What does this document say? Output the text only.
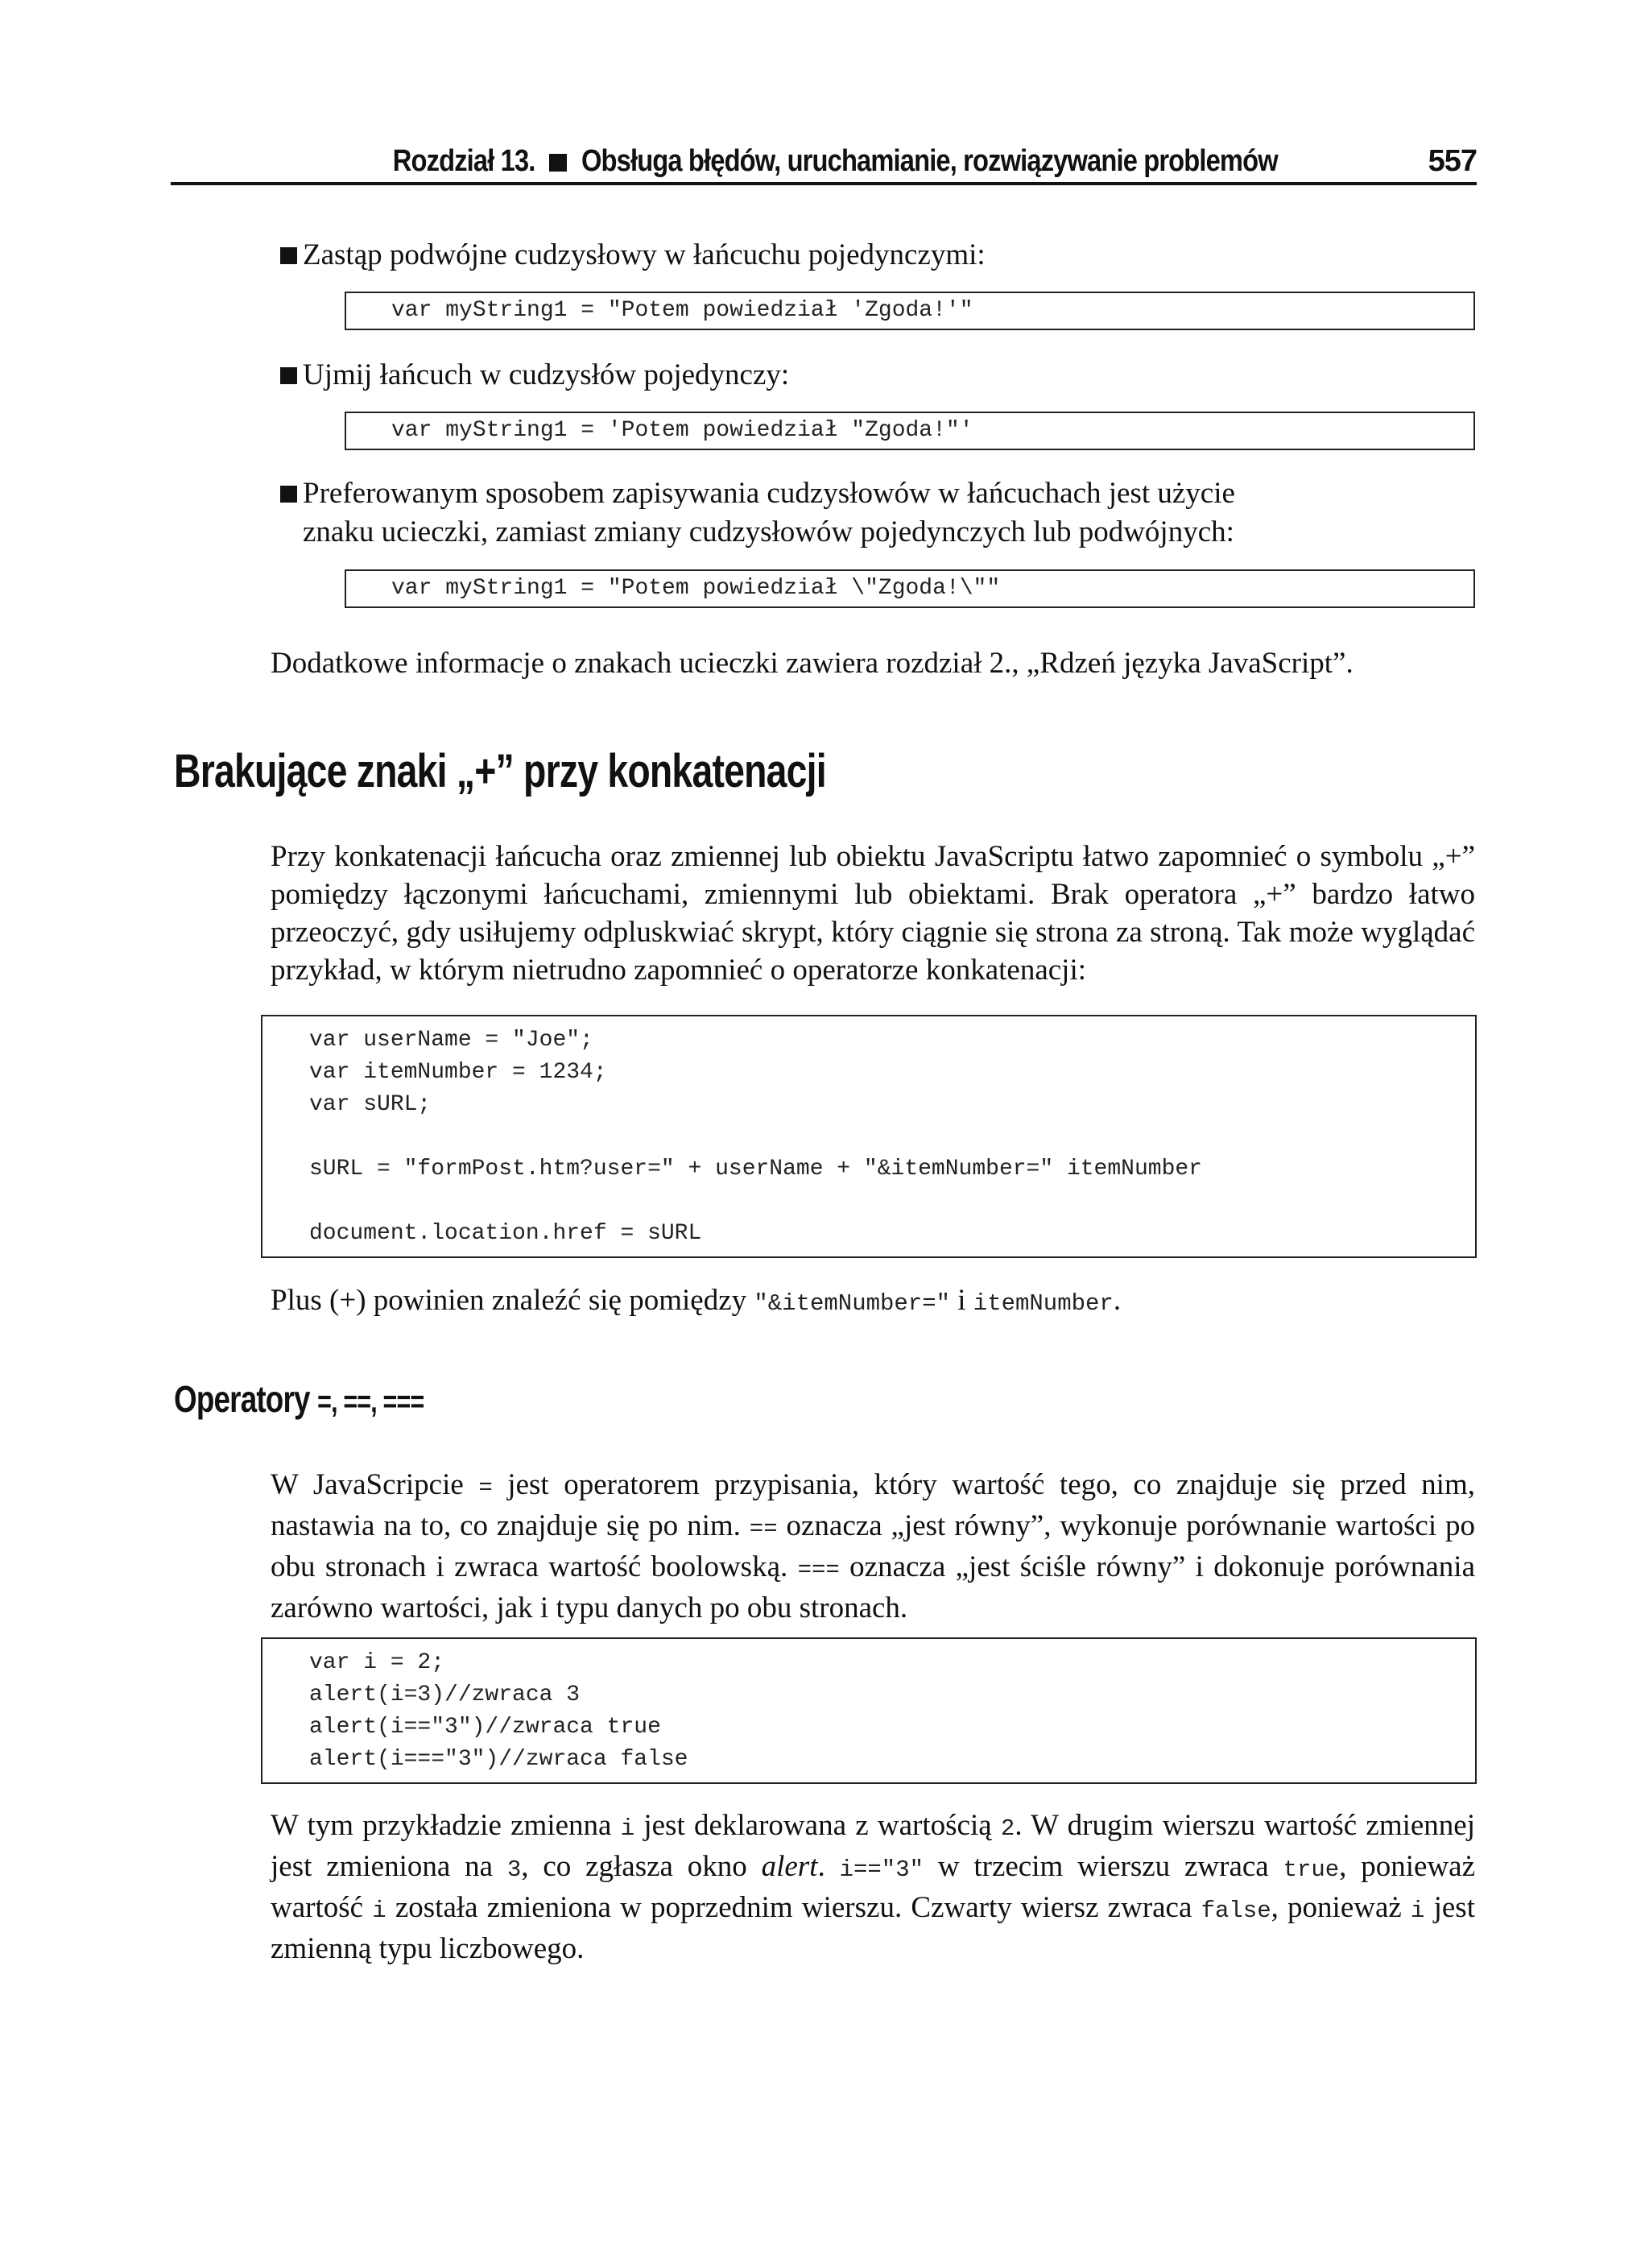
Rozdział 13. Obsługa błędów, uruchamianie, rozwiązywanie problemów	557
Zastąp podwójne cudzysłowy w łańcuchu pojedynczymi:
var myString1 = "Potem powiedział 'Zgoda!'"
Ujmij łańcuch w cudzysłów pojedynczy:
var myString1 = 'Potem powiedział "Zgoda!"'
Preferowanym sposobem zapisywania cudzysłowów w łańcuchach jest użycie
znaku ucieczki, zamiast zmiany cudzysłowów pojedynczych lub podwójnych:
var myString1 = "Potem powiedział \"Zgoda!\""
Dodatkowe informacje o znakach ucieczki zawiera rozdział 2., „Rdzeń języka JavaScript”.
Brakujące znaki „+” przy konkatenacji
Przy konkatenacji łańcucha oraz zmiennej lub obiektu JavaScriptu łatwo zapomnieć o symbolu „+” pomiędzy łączonymi łańcuchami, zmiennymi lub obiektami. Brak operatora „+” bardzo łatwo przeoczyć, gdy usiłujemy odpluskwiać skrypt, który ciągnie się strona za stroną. Tak może wyglądać przykład, w którym nietrudno zapomnieć o operatorze konkatenacji:
var userName = "Joe";
var itemNumber = 1234;
var sURL;
sURL = "formPost.htm?user=" + userName + "&itemNumber=" itemNumber
document.location.href = sURL
Plus (+) powinien znaleźć się pomiędzy "&itemNumber=" i itemNumber.
Operatory =, ==, ===
W JavaScripcie = jest operatorem przypisania, który wartość tego, co znajduje się przed nim, nastawia na to, co znajduje się po nim. == oznacza „jest równy”, wykonuje porównanie wartości po obu stronach i zwraca wartość boolowską. === oznacza „jest ściśle równy” i dokonuje porównania zarówno wartości, jak i typu danych po obu stronach.
var i = 2;
alert(i=3)//zwraca 3
alert(i=="3")//zwraca true
alert(i==="3")//zwraca false
W tym przykładzie zmienna i jest deklarowana z wartością 2. W drugim wierszu wartość zmiennej jest zmieniona na 3, co zgłasza okno alert. i=="3" w trzecim wierszu zwraca true, ponieważ wartość i została zmieniona w poprzednim wierszu. Czwarty wiersz zwraca false, ponieważ i jest zmienną typu liczbowego.
